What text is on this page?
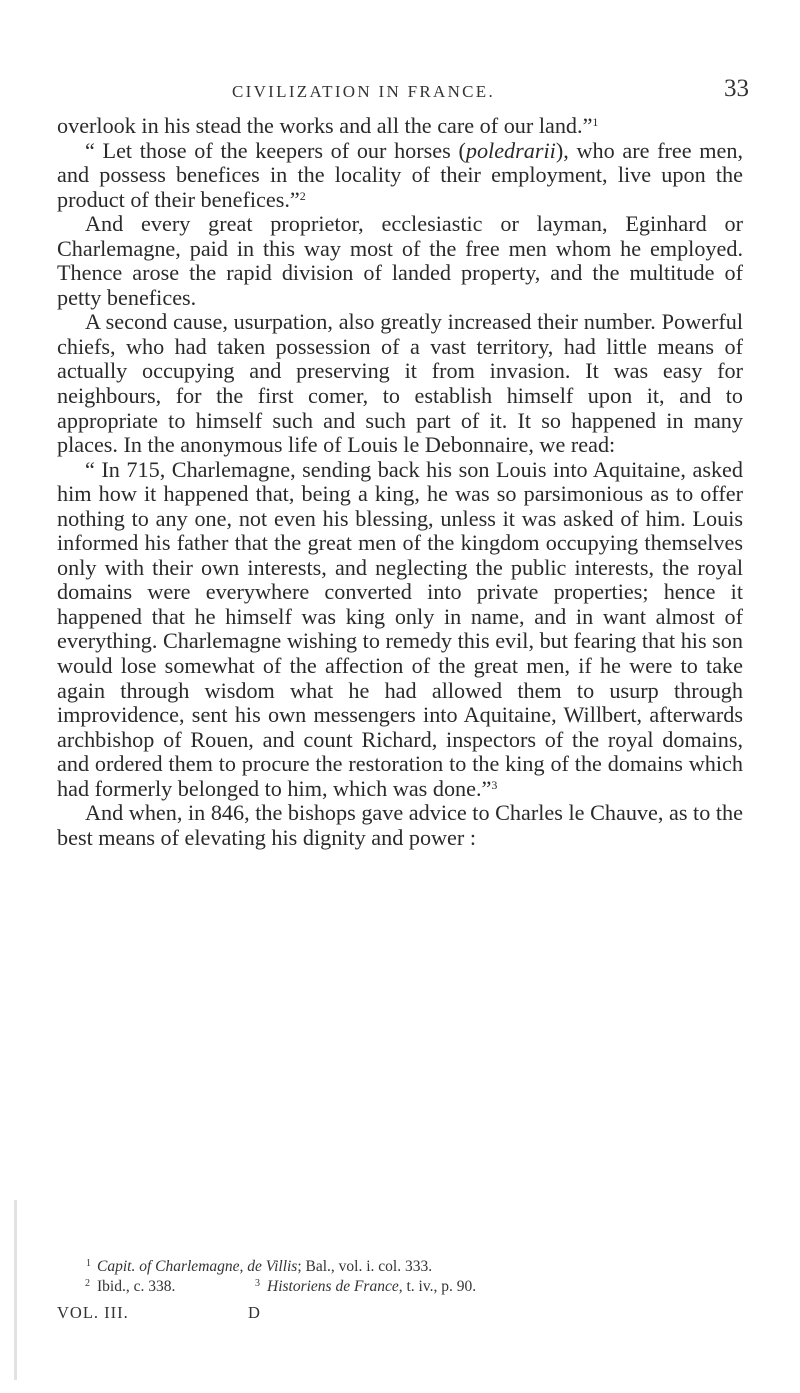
CIVILIZATION IN FRANCE.	33

overlook in his stead the works and all the care of our land.”$^1$

“ Let those of the keepers of our horses (poledrarii), who are free men, and possess benefices in the locality of their employment, live upon the product of their benefices.”$^2$

And every great proprietor, ecclesiastic or layman, Eginhard or Charlemagne, paid in this way most of the free men whom he employed. Thence arose the rapid division of landed property, and the multitude of petty benefices.

A second cause, usurpation, also greatly increased their number. Powerful chiefs, who had taken possession of a vast territory, had little means of actually occupying and preserving it from invasion. It was easy for neighbours, for the first comer, to establish himself upon it, and to appropriate to himself such and such part of it. It so happened in many places. In the anonymous life of Louis le Debonnaire, we read:

“ In 715, Charlemagne, sending back his son Louis into Aquitaine, asked him how it happened that, being a king, he was so parsimonious as to offer nothing to any one, not even his blessing, unless it was asked of him. Louis informed his father that the great men of the kingdom occupying themselves only with their own interests, and neglecting the public interests, the royal domains were everywhere converted into private properties; hence it happened that he himself was king only in name, and in want almost of everything. Charlemagne wishing to remedy this evil, but fearing that his son would lose somewhat of the affection of the great men, if he were to take again through wisdom what he had allowed them to usurp through improvidence, sent his own messengers into Aquitaine, Willbert, afterwards archbishop of Rouen, and count Richard, inspectors of the royal domains, and ordered them to procure the restoration to the king of the domains which had formerly belonged to him, which was done.”$^3$

And when, in 846, the bishops gave advice to Charles le Chauve, as to the best means of elevating his dignity and power :

1 Capit. of Charlemagne, de Villis; Bal., vol. i. col. 333.
2 Ibid., c. 338.	3 Historiens de France, t. iv., p. 90.
VOL. III.	D
